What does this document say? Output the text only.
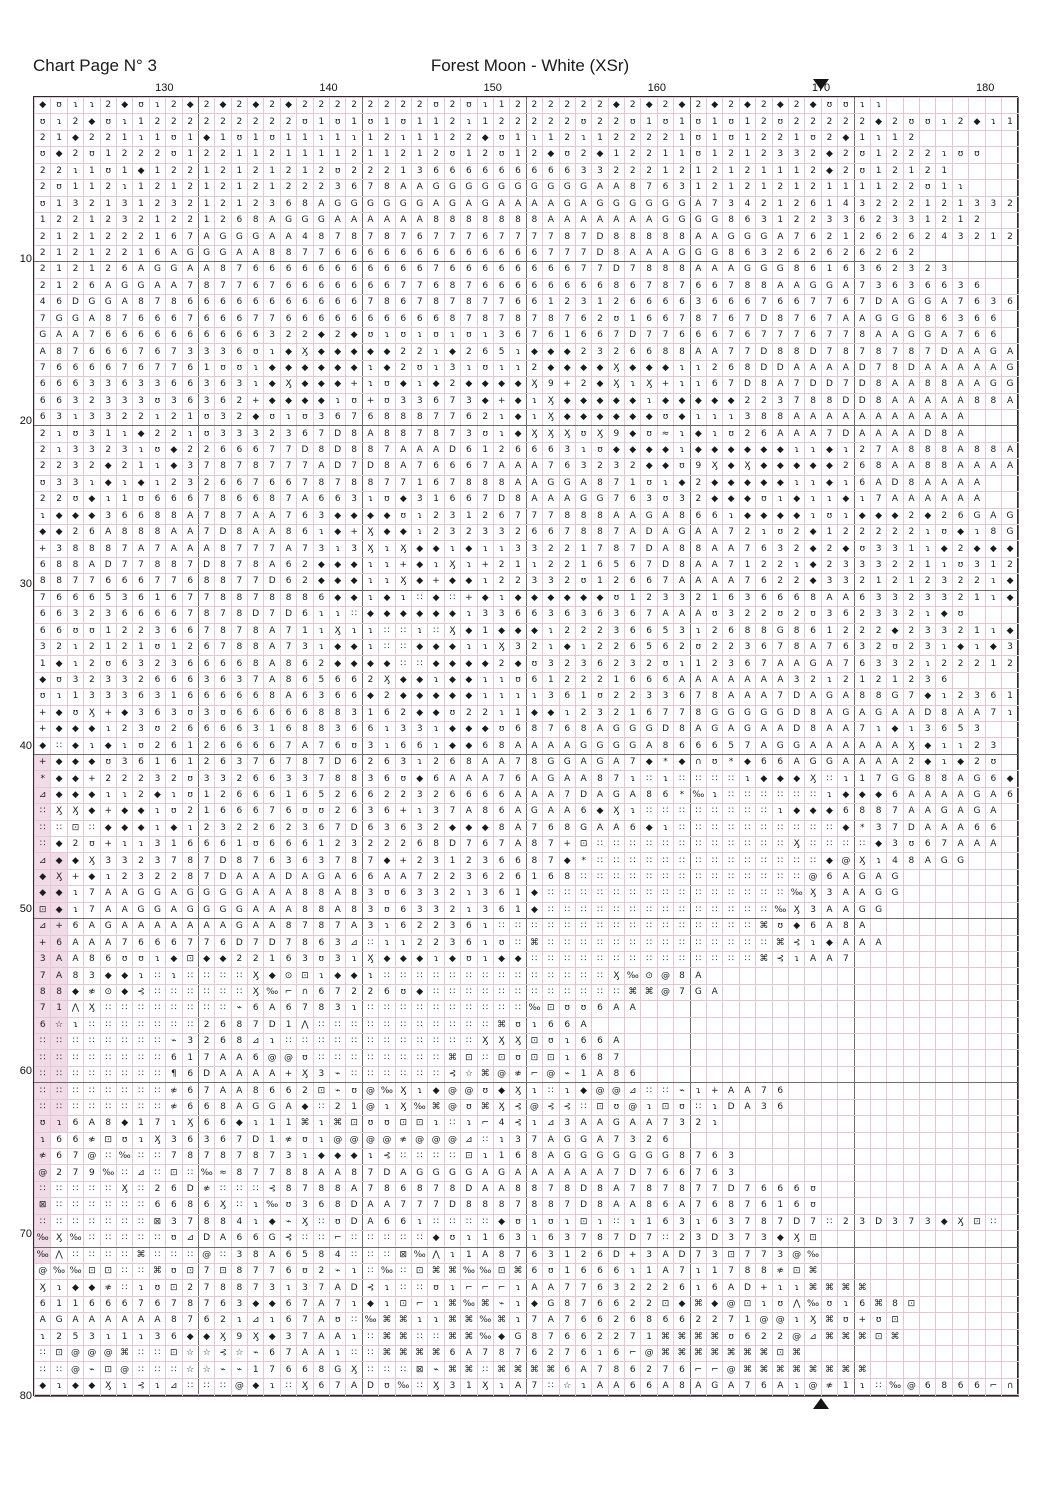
Chart Page N° 3	Forest Moon - White (XSr)
130	140	150	160	170	180
10
20
30
40
50
60
70
80
◆	ʊ	ɿ	ɿ	2	◆	ʊ	ɿ	2	◆	2	◆	2	◆	2	◆	2	2	2	2	2	2	2	2	ʊ	2	ʊ	ɿ	1	2	2	2	2	2	2	◆	2	◆	2	◆	2	◆	2	◆	2	◆	2	◆	ʊ	ʊ	ɿ	ɿ								
ʊ	ɿ	2	◆	ʊ	ɿ	1	2	2	2	2	2	2	2	2	2	ʊ	1	ʊ	1	ʊ	1	ʊ	1	1	2	ɿ	1	2	2	2	2	2	ʊ	2	2	ʊ	1	ʊ	1	ʊ	1	ʊ	1	2	ʊ	2	2	2	2	2	◆	2	ʊ	ʊ	ɿ	2	◆	ɿ	1
2	1	◆	2	2	1	ɿ	1	ʊ	1	◆	1	ʊ	1	ʊ	1	1	ɿ	1	ɿ	1	2	ɿ	1	1	2	2	◆	ʊ	1	ɿ	1	2	ɿ	1	2	2	2	2	1	ʊ	1	ʊ	1	2	2	1	ʊ	2	◆	1	ɿ	1	2						
ʊ	◆	2	ʊ	1	2	2	2	ʊ	1	2	2	1	1	2	1	1	1	1	2	1	1	2	1	2	ʊ	1	2	ʊ	1	2	◆	ʊ	2	◆	1	2	2	1	1	ʊ	1	2	1	2	3	3	2	◆	2	ʊ	1	2	2	2	ɿ	ʊ	ʊ		
2	2	ɿ	1	ʊ	1	◆	1	2	2	1	2	1	2	1	2	1	2	ʊ	2	2	2	1	3	6	6	6	6	6	6	6	6	6	3	3	2	2	2	1	2	1	2	1	2	1	1	1	2	◆	2	ʊ	1	2	1	2	1				
2	ʊ	1	1	2	ɿ	1	2	1	2	1	2	1	2	1	2	2	2	3	6	7	8	A	A	G	G	G	G	G	G	G	G	G	G	A	A	8	7	6	3	1	2	1	2	1	2	1	2	1	1	1	1	2	2	ʊ	1	ɿ			
ʊ	1	3	2	1	3	1	2	3	2	1	2	1	2	3	6	8	A	G	G	G	G	G	G	A	G	A	G	A	A	A	A	G	A	G	G	G	G	G	G	A	7	3	4	2	1	2	6	1	4	3	2	2	2	1	2	1	3	3	2
1	2	2	1	2	3	2	1	2	2	1	2	6	8	A	G	G	G	A	A	A	A	A	A	8	8	8	8	8	8	8	A	A	A	A	A	A	A	G	G	G	G	8	6	3	1	2	2	3	3	6	2	3	3	1	2	1	2		
2	1	2	1	2	2	2	1	6	7	A	G	G	G	A	A	4	8	7	8	7	8	7	6	7	7	7	6	7	7	7	7	8	7	D	8	8	8	8	8	A	A	G	G	G	A	7	6	2	1	2	6	2	6	2	4	3	2	1	2
2	1	2	1	2	2	1	6	A	G	G	G	A	A	8	8	7	7	6	6	6	6	6	6	6	6	6	6	6	6	6	7	7	7	D	8	A	A	A	G	G	G	8	6	3	2	6	2	6	2	6	2	6	2						
2	1	2	1	2	6	A	G	G	A	A	8	7	6	6	6	6	6	6	6	6	6	6	6	7	6	6	6	6	6	6	6	6	7	7	D	7	8	8	8	A	A	A	G	G	G	8	6	1	6	3	6	2	3	2	3				
2	1	2	6	A	G	G	A	A	7	8	7	7	6	7	6	6	6	6	6	6	6	7	7	6	8	7	6	6	6	6	6	6	6	6	8	6	7	8	7	6	6	7	8	8	A	A	G	G	A	7	3	6	3	6	6	3	6		
4	6	D	G	G	A	8	7	8	6	6	6	6	6	6	6	6	6	6	6	7	8	6	7	8	7	8	7	7	6	6	1	2	3	1	2	6	6	6	6	3	6	6	6	7	6	6	7	7	6	7	D	A	G	G	A	7	6	3	6
7	G	G	A	8	7	6	6	6	7	6	6	6	7	7	6	6	6	6	6	6	6	6	6	6	8	7	8	7	8	7	8	7	6	2	ʊ	1	6	6	7	8	7	6	7	D	8	7	6	7	A	A	G	G	G	8	6	3	6	6	
G	A	A	7	6	6	6	6	6	6	6	6	6	6	3	2	2	◆	2	◆	ʊ	ɿ	ʊ	ɿ	ʊ	ɿ	ʊ	ɿ	3	6	7	6	1	6	6	7	D	7	7	6	6	6	7	6	7	7	7	6	7	7	8	A	A	G	G	A	7	6	6	
A	8	7	6	6	6	7	6	7	3	3	3	6	ʊ	ɿ	◆	Ӽ	◆	◆	◆	◆	◆	2	2	ɿ	◆	2	6	5	ɿ	◆	◆	◆	2	3	2	6	6	8	8	A	A	7	7	D	8	8	D	7	8	7	8	7	8	7	D	A	A	G	A
7	6	6	6	6	7	6	7	7	6	1	ʊ	ʊ	ɿ	◆	◆	◆	◆	◆	◆	ɿ	◆	2	ʊ	ɿ	3	ɿ	ʊ	ɿ	ɿ	2	◆	◆	◆	◆	Ӽ	◆	◆	◆	ɿ	ɿ	2	6	8	D	D	A	A	A	A	D	7	8	D	A	A	A	A	A	G
6	6	6	3	3	6	3	3	6	6	3	6	3	ɿ	◆	Ӽ	◆	◆	◆	+	ɿ	ʊ	◆	ɿ	◆	2	◆	◆	◆	◆	Ӽ	9	+	2	◆	Ӽ	ɿ	Ӽ	+	ɿ	ɿ	6	7	D	8	A	7	D	D	7	D	8	A	A	8	8	A	A	G	G
6	6	3	2	3	3	3	ʊ	3	6	3	6	2	+	◆	◆	◆	◆	ɿ	ʊ	+	ʊ	3	3	6	7	3	◆	+	◆	ɿ	Ӽ	◆	◆	◆	◆	◆	ɿ	◆	◆	◆	◆	◆	2	2	3	7	8	8	D	D	8	A	A	A	A	A	8	8	A
6	3	ɿ	3	3	2	2	ɿ	2	1	ʊ	3	2	◆	ʊ	ɿ	ʊ	3	6	7	6	8	8	8	7	7	6	2	ɿ	◆	ɿ	Ӽ	◆	◆	◆	◆	◆	◆	ʊ	◆	ɿ	ɿ	ɿ	3	8	8	A	A	A	A	A	A	A	A	A	A	A			
2	ɿ	ʊ	3	1	ɿ	◆	2	2	ɿ	ʊ	3	3	3	2	3	6	7	D	8	A	8	8	7	8	7	3	ʊ	ɿ	◆	Ӽ	Ӽ	Ӽ	ʊ	Ӽ	9	◆	ʊ	≈	ɿ	◆	ɿ	ʊ	2	6	A	A	A	7	D	A	A	A	A	D	8	A			
2	ɿ	3	3	2	3	ɿ	ʊ	◆	2	2	6	6	6	7	7	D	8	D	8	8	7	A	A	A	D	6	1	2	6	6	6	3	ɿ	ʊ	◆	◆	◆	◆	ɿ	◆	◆	◆	◆	◆	◆	ɿ	ɿ	◆	ɿ	2	7	A	8	8	8	A	8	8	A
2	2	3	2	◆	2	1	ɿ	◆	3	7	8	7	8	7	7	7	A	D	7	D	8	A	7	6	6	6	7	A	A	A	7	6	3	2	3	2	◆	◆	ʊ	9	Ӽ	◆	Ӽ	◆	◆	◆	◆	◆	2	6	8	A	A	8	8	A	A	A	A
ʊ	3	3	ɿ	◆	ɿ	◆	ɿ	2	3	2	6	6	7	6	6	7	8	7	8	8	7	7	1	6	7	8	8	8	A	A	G	G	A	8	7	1	ʊ	ɿ	◆	2	◆	◆	◆	◆	◆	ɿ	ɿ	◆	ɿ	6	A	D	8	A	A	A	A		
2	2	ʊ	◆	ɿ	1	ʊ	6	6	6	7	8	6	6	8	7	A	6	6	3	ɿ	ʊ	◆	3	1	6	6	7	D	8	A	A	A	G	G	7	6	3	ʊ	3	2	◆	◆	◆	ʊ	ɿ	◆	ɿ	ɿ	◆	ɿ	7	A	A	A	A	A	A		
ɿ	◆	◆	◆	3	6	6	8	8	A	7	8	7	A	A	7	6	3	◆	◆	◆	◆	ʊ	ɿ	2	3	1	2	6	7	7	7	8	8	8	A	A	G	A	8	6	6	ɿ	◆	◆	◆	◆	ɿ	ʊ	ɿ	◆	◆	◆	2	◆	2	6	G	A	G
◆	◆	2	6	A	8	8	8	A	A	7	D	8	A	A	8	6	ɿ	◆	+	Ӽ	◆	◆	ɿ	2	3	2	3	3	2	6	6	7	8	8	7	A	D	A	G	A	A	7	2	ɿ	ʊ	2	◆	1	2	2	2	2	2	ɿ	ʊ	◆	ɿ	8	G
+	3	8	8	8	7	A	7	A	A	A	8	7	7	7	A	7	3	ɿ	3	Ӽ	ɿ	Ӽ	◆	◆	ɿ	◆	ɿ	ɿ	3	3	2	2	1	7	8	7	D	A	8	8	A	A	7	6	3	2	◆	2	◆	ʊ	3	3	1	ɿ	◆	2	◆	◆	◆
6	8	8	A	D	7	7	8	8	7	D	8	7	8	A	6	2	◆	◆	◆	ɿ	ɿ	+	◆	ɿ	Ӽ	ɿ	+	2	1	ɿ	2	2	1	6	5	6	7	D	8	A	A	7	1	2	2	ɿ	◆	2	3	3	3	2	2	1	ɿ	ʊ	3	1	2
8	8	7	7	6	6	6	7	7	6	8	8	7	7	D	6	2	◆	◆	◆	ɿ	ɿ	Ӽ	◆	+	◆	◆	ɿ	2	2	3	3	2	ʊ	1	2	6	6	7	A	A	A	A	7	6	2	2	◆	3	3	2	1	2	1	2	3	2	2	ɿ	◆
7	6	6	6	5	3	6	1	6	7	7	8	8	7	8	8	8	6	◆	◆	ɿ	◆	ɿ	∷	◆	∷	+	◆	ɿ	◆	◆	◆	◆	◆	◆	ʊ	1	2	3	3	2	1	6	3	6	6	6	8	A	A	6	3	3	2	3	3	2	1	ɿ	◆
6	6	3	2	3	6	6	6	6	7	8	7	8	D	7	D	6	ɿ	ɿ	∷	◆	◆	◆	◆	◆	◆	ɿ	3	3	6	6	3	6	3	6	3	6	7	A	A	A	ʊ	3	2	2	ʊ	2	ʊ	3	6	2	3	3	2	ɿ	◆	ʊ			
6	6	ʊ	ʊ	1	2	2	3	6	6	7	8	7	8	A	7	1	ɿ	Ӽ	ɿ	ɿ	∷	∷	ɿ	∷	Ӽ	◆	1	◆	◆	◆	ɿ	2	2	2	3	6	6	5	3	ɿ	2	6	8	8	G	8	6	1	2	2	2	◆	2	3	3	2	1	ɿ	◆
3	2	ɿ	2	1	2	1	ʊ	1	2	6	7	8	8	A	7	3	ɿ	◆	◆	ɿ	∷	∷	◆	◆	◆	ɿ	ɿ	Ӽ	3	2	ɿ	◆	ɿ	2	2	6	5	6	2	ʊ	2	2	3	6	7	8	A	7	6	3	2	ʊ	2	3	ɿ	◆	ɿ	◆	3
1	◆	ɿ	2	ʊ	6	3	2	3	6	6	6	6	8	A	8	6	2	◆	◆	◆	◆	∷	∷	◆	◆	◆	◆	2	◆	ʊ	3	2	3	6	2	3	2	ʊ	ɿ	1	2	3	6	7	A	A	G	A	7	6	3	3	2	ɿ	2	2	2	1	2
◆	ʊ	3	2	3	3	2	6	6	6	3	6	3	7	A	8	6	5	6	6	2	Ӽ	◆	◆	ɿ	◆	◆	ɿ	ɿ	ʊ	6	1	2	2	2	1	6	6	6	A	A	A	A	A	A	A	3	2	ɿ	2	1	2	1	2	3	6				
ʊ	ɿ	1	3	3	3	6	3	1	6	6	6	6	6	8	A	6	3	6	6	◆	2	◆	◆	◆	◆	◆	ɿ	ɿ	ɿ	ɿ	3	6	1	ʊ	2	2	3	3	6	7	8	A	A	A	7	D	A	G	A	8	8	G	7	◆	ɿ	2	3	6	1
+	◆	ʊ	Ӽ	+	◆	3	6	3	ʊ	3	ʊ	6	6	6	6	6	8	8	3	1	6	2	◆	◆	ʊ	2	2	ɿ	1	◆	◆	ɿ	2	3	2	1	6	7	7	8	G	G	G	G	G	D	8	A	G	A	G	A	A	D	8	A	A	7	ɿ
+	◆	◆	◆	ɿ	2	3	ʊ	2	6	6	6	6	3	1	6	8	8	3	6	6	ɿ	3	3	ɿ	◆	◆	◆	ʊ	6	8	7	6	8	A	G	G	G	D	8	A	G	A	G	A	A	D	8	A	A	7	ɿ	◆	ɿ	3	6	5	3		
◆	∷	◆	ɿ	◆	ɿ	ʊ	2	6	1	2	6	6	6	6	7	A	7	6	ʊ	3	ɿ	6	6	ɿ	◆	◆	6	8	A	A	A	A	G	G	G	G	A	8	6	6	6	5	7	A	G	G	A	A	A	A	A	A	Ӽ	◆	ɿ	ɿ	2	3	
+	◆	◆	◆	ʊ	3	6	1	6	1	2	6	3	7	6	7	8	7	D	6	2	6	3	ɿ	2	6	8	A	A	7	8	G	G	A	G	A	7	◆	*	◆	∩	ʊ	*	◆	6	6	A	G	G	A	A	A	A	2	◆	ɿ	◆	2	ʊ	
*	◆	◆	+	2	2	2	3	2	ʊ	3	3	2	6	6	3	3	7	8	8	3	6	ʊ	◆	6	A	A	A	7	6	A	G	A	A	8	7	ɿ	∷	ɿ	∷	∷	∷	∷	ɿ	◆	◆	◆	Ӽ	∷	ɿ	1	7	G	G	8	8	A	G	6	◆
⊿	◆	◆	◆	ɿ	ɿ	2	◆	ɿ	ʊ	1	2	6	6	6	1	6	5	2	6	6	2	2	3	2	6	6	6	6	A	A	A	7	D	A	G	A	8	6	*	‰	ɿ	∷	∷	∷	∷	∷	∷	ɿ	◆	◆	◆	6	A	A	A	A	G	A	6
∷	Ӽ	Ӽ	◆	+	◆	◆	ɿ	ʊ	2	1	6	6	6	7	6	ʊ	ʊ	2	6	3	6	+	ɿ	3	7	A	8	6	A	G	A	A	6	◆	Ӽ	ɿ	∷	∷	∷	∷	∷	∷	∷	∷	ɿ	◆	◆	◆	6	8	8	7	A	A	G	A	G	A	
∷	∷	⊡	∷	◆	◆	◆	ɿ	◆	ɿ	2	3	2	2	6	2	3	6	7	D	6	3	6	3	2	◆	◆	◆	8	A	7	6	8	G	A	A	6	◆	ɿ	∷	∷	∷	∷	∷	∷	∷	∷	∷	∷	◆	*	3	7	D	A	A	A	6	6	
∷	◆	2	ʊ	+	ɿ	ɿ	3	1	6	6	6	1	ʊ	6	6	6	1	2	3	2	2	2	6	8	D	7	6	7	A	8	7	+	⊡	∷	∷	∷	∷	∷	∷	∷	∷	∷	∷	∷	∷	Ӽ	∷	∷	∷	∷	◆	3	ʊ	6	7	A	A	A	
⊿	◆	◆	Ӽ	3	3	2	3	7	8	7	D	8	7	6	3	6	3	7	8	7	◆	+	2	3	1	2	3	6	6	8	7	◆	*	∷	∷	∷	∷	∷	∷	∷	∷	∷	∷	∷	∷	∷	∷	◆	@	Ӽ	ɿ	4	8	A	G	G			
◆	Ӽ	+	◆	ɿ	2	3	2	2	8	7	D	A	A	A	D	A	G	A	6	6	A	A	7	2	2	3	6	2	6	1	6	8	∷	∷	∷	∷	∷	∷	∷	∷	∷	∷	∷	∷	∷	∷	@	6	A	G	A	G							
◆	◆	ɿ	7	A	A	G	G	A	G	G	G	G	A	A	A	8	8	A	8	3	ʊ	6	3	3	2	ɿ	3	6	1	◆	∷	∷	∷	∷	∷	∷	∷	∷	∷	∷	∷	∷	∷	∷	∷	‰	Ӽ	3	A	A	G	G							
⊡	◆	ɿ	7	A	A	G	G	A	G	G	G	G	A	A	A	8	8	A	8	3	ʊ	6	3	3	2	ɿ	3	6	1	◆	∷	∷	∷	∷	∷	∷	∷	∷	∷	∷	∷	∷	∷	∷	‰	Ӽ	3	A	A	G	G								
⊿	+	6	A	G	A	A	A	A	A	A	A	G	A	A	8	7	8	7	A	3	ɿ	6	2	2	3	6	ɿ	∷	∷	∷	∷	∷	∷	∷	∷	∷	∷	∷	∷	∷	∷	∷	∷	⌘	ʊ	◆	6	A	8	A									
+	6	A	A	A	7	6	6	6	7	7	6	D	7	D	7	8	6	3	⊿	∷	ɿ	ɿ	2	2	3	6	ɿ	ʊ	∷	⌘	∷	∷	∷	∷	∷	∷	∷	∷	∷	∷	∷	∷	∷	∷	⌘	⊰	ɿ	◆	A	A	A								
3	A	A	8	6	ʊ	ʊ	ɿ	◆	⊡	◆	◆	2	2	1	6	3	ʊ	3	ɿ	Ӽ	◆	◆	◆	ɿ	◆	ʊ	ɿ	◆	◆	∷	∷	∷	∷	∷	∷	∷	∷	∷	∷	∷	∷	∷	∷	⌘	⊰	ɿ	A	A	7										
7	A	8	3	◆	◆	ɿ	∷	ɿ	∷	∷	∷	∷	Ӽ	◆	⊙	⊡	ɿ	◆	◆	ɿ	∷	∷	∷	∷	∷	∷	∷	∷	∷	∷	∷	∷	∷	∷	Ӽ	‰	⊙	@	8	A																			
8	8	◆	≉	⊙	◆	⊰	∷	∷	∷	∷	∷	∷	Ӽ	‰	⌐	∩	6	7	2	2	6	ʊ	◆	∷	∷	∷	∷	∷	∷	∷	∷	∷	∷	∷	∷	⌘	⌘	@	7	G	A																		
7	1	⋀	Ӽ	∷	∷	∷	∷	∷	∷	∷	∷	⌁	6	A	6	7	8	3	ɿ	∷	∷	∷	∷	∷	∷	∷	∷	∷	∷	‰	⊡	ʊ	ʊ	6	A	A																							
6	☆	ɿ	∷	∷	∷	∷	∷	∷	∷	2	6	8	7	D	1	⋀	∷	∷	∷	∷	∷	∷	∷	∷	∷	∷	∷	⌘	ʊ	ɿ	6	6	A																										
∷	∷	∷	∷	∷	∷	∷	∷	⌁	3	2	6	8	⊿	ɿ	∷	∷	∷	∷	∷	∷	∷	∷	∷	∷	∷	∷	Ӽ	Ӽ	Ӽ	⊡	ʊ	ɿ	6	6	A																								
∷	∷	∷	∷	∷	∷	∷	∷	6	1	7	A	A	6	@	@	ʊ	∷	∷	∷	∷	∷	∷	∷	∷	⌘	⊡	∷	⊡	ʊ	⊡	⊡	ɿ	6	8	7																								
∷	∷	∷	∷	∷	∷	∷	∷	¶	6	D	A	A	A	A	+	Ӽ	3	⌁	∷	∷	∷	∷	∷	∷	⊰	☆	⌘	@	≉	⌐	@	⌁	1	A	8	6																							
∷	∷	∷	∷	∷	∷	∷	∷	≉	6	7	A	A	8	6	6	2	⊡	⌁	ʊ	@	‰	Ӽ	ɿ	◆	@	@	ʊ	◆	Ӽ	ɿ	∷	ɿ	◆	@	@	⊿	∷	∷	⌁	ɿ	+	A	A	7	6														
∷	∷	∷	∷	∷	∷	∷	∷	≉	6	6	8	A	G	G	A	◆	∷	2	1	@	ɿ	Ӽ	‰	⌘	@	ʊ	⌘	Ӽ	⊰	@	⊰	⊰	∷	⊡	ʊ	@	ɿ	⊡	ʊ	∷	ɿ	D	A	3	6														
ʊ	ɿ	6	A	8	◆	1	7	ɿ	Ӽ	6	6	◆	ɿ	1	1	⌘	ɿ	⌘	⊡	ʊ	ʊ	⊡	⊡	ɿ	∷	ɿ	⌐	4	⊰	ɿ	⊿	3	A	A	G	A	A	7	3	2	ɿ																		
ɿ	6	6	≉	⊡	ʊ	ɿ	Ӽ	3	6	3	6	7	D	1	≉	ʊ	ɿ	@	@	@	@	≉	@	@	@	⊿	∷	ɿ	3	7	A	G	G	A	7	3	2	6																					
≉	6	7	@	∷	‰	∷	∷	7	8	7	8	7	8	7	3	ɿ	◆	◆	◆	ɿ	⊰	∷	∷	∷	∷	⊡	ɿ	1	6	8	A	G	G	G	G	G	G	G	8	7	6	3																	
@	2	7	9	‰	∷	⊿	∷	⊡	∷	‰	≈	8	7	7	8	8	A	A	8	7	D	A	G	G	G	G	A	G	A	A	A	A	A	A	7	D	7	6	6	7	6	3																	
∷	∷	∷	∷	∷	Ӽ	∷	2	6	D	≉	∷	∷	∷	⊰	8	7	8	8	A	7	8	6	8	7	8	D	A	A	8	8	7	8	D	8	A	7	8	7	8	7	7	D	7	6	6	6	ʊ												
⊠	∷	∷	∷	∷	∷	∷	6	6	8	6	Ӽ	∷	ɿ	‰	ʊ	3	6	8	D	A	A	7	7	7	D	8	8	8	7	8	8	7	D	8	A	A	8	6	A	7	6	8	7	6	1	6	ʊ												
∷	∷	∷	∷	∷	∷	∷	⊠	3	7	8	8	4	ɿ	◆	⌁	Ӽ	∷	ʊ	D	A	6	6	ɿ	∷	∷	∷	∷	◆	ʊ	ɿ	ʊ	ɿ	⊡	ɿ	∷	ɿ	1	6	3	ɿ	6	3	7	8	7	D	7	∷	2	3	D	3	7	3	◆	Ӽ	⊡	∷	
‰	Ӽ	‰	∷	∷	∷	∷	∷	ʊ	⊿	D	A	6	6	G	⊰	∷	∷	⌐	∷	∷	∷	∷	∷	◆	ʊ	ɿ	1	6	3	ɿ	6	3	7	8	7	D	7	∷	2	3	D	3	7	3	◆	Ӽ	⊡												
‰	⋀	∷	∷	∷	∷	⌘	∷	∷	∷	@	∷	3	8	A	6	5	8	4	∷	∷	∷	⊠	‰	⋀	ɿ	1	A	8	7	6	3	1	2	6	D	+	3	A	D	7	3	⊡	7	7	3	@	‰												
@	‰	‰	⊡	⊡	∷	∷	⌘	ʊ	⊡	7	⊡	8	7	7	6	ʊ	2	⌁	ɿ	∷	‰	∷	⊡	⌘	⌘	‰	‰	⊡	⌘	6	ʊ	1	6	6	6	ɿ	1	A	7	ɿ	1	7	8	8	≉	⊡	⌘												
Ӽ	ɿ	◆	◆	≉	∷	ɿ	ʊ	⊡	2	7	8	8	7	3	ɿ	3	7	A	D	⊰	ɿ	∷	∷	ʊ	ɿ	⌐	⌐	⌐	ɿ	A	A	7	7	6	3	2	2	2	6	ɿ	6	A	D	+	ɿ	ɿ	⌘	⌘	⌘	⌘									
6	1	1	6	6	6	7	6	7	8	7	6	3	◆	◆	6	7	A	7	ɿ	◆	ɿ	⊡	⌐	ɿ	⌘	‰	⌘	⌁	ɿ	◆	G	8	7	6	6	2	2	⊡	◆	⌘	◆	@	⊡	ɿ	ʊ	⋀	‰	ʊ	ɿ	6	⌘	8	⊡						
A	G	A	A	A	A	A	A	8	7	6	2	ɿ	⊿	ɿ	6	7	A	ʊ	∷	‰	⌘	⌘	ɿ	ɿ	⌘	⌘	‰	⌘	ɿ	7	A	7	6	6	2	6	8	6	6	2	2	7	1	@	@	ɿ	Ӽ	⌘	ʊ	+	ʊ	⊡							
ɿ	2	5	3	ɿ	1	ɿ	3	6	◆	◆	Ӽ	9	Ӽ	◆	3	7	A	A	ɿ	∷	⌘	⌘	∷	∷	⌘	⌘	‰	◆	G	8	7	6	6	2	2	7	1	⌘	⌘	⌘	⌘	ʊ	6	2	2	@	⊿	⌘	⌘	⌘	⊡	⌘							
∷	⊡	@	@	@	⌘	∷	∷	⊡	☆	☆	⊰	☆	⌁	6	7	A	A	ɿ	∷	∷	⌘	⌘	⌘	⌘	6	A	7	8	7	6	2	7	6	ɿ	6	⌐	@	⌘	⌘	⌘	⌘	⌘	⌘	⌘	⊡	⌘													
∷	∷	@	⌁	⊡	@	∷	∷	∷	☆	☆	⌁	⌁	1	7	6	6	8	G	Ӽ	∷	∷	∷	⊠	⌁	⌘	⌘	∷	⌘	⌘	⌘	⌘	6	A	7	8	6	2	7	6	⌐	⌐	@	⌘	⌘	⌘	⌘	⌘	⌘	⌘	⌘									
◆	ɿ	◆	◆	Ӽ	ɿ	⊰	ɿ	⊿	∷	∷	∷	@	◆	ɿ	∷	Ӽ	6	7	A	D	ʊ	‰	∷	Ӽ	3	1	Ӽ	ɿ	A	7	∷	☆	ɿ	A	A	6	6	A	8	A	G	A	7	6	A	ɿ	@	≉	1	ɿ	∷	‰	@	6	8	6	6	⌐	∩
